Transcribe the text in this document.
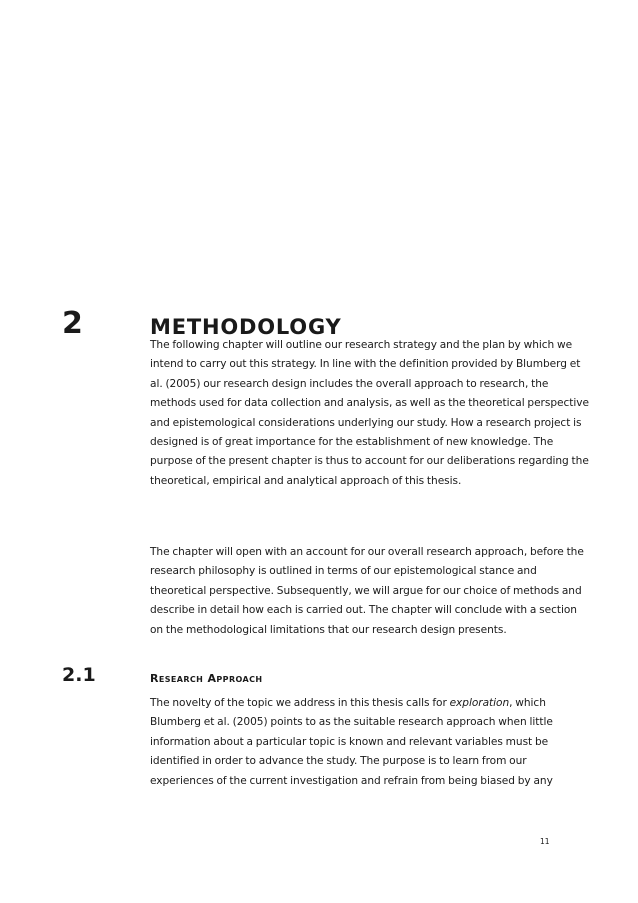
2	METHODOLOGY

The following chapter will outline our research strategy and the plan by which we intend to carry out this strategy. In line with the definition provided by Blumberg et al. (2005) our research design includes the overall approach to research, the methods used for data collection and analysis, as well as the theoretical perspective and epistemological considerations underlying our study. How a research project is designed is of great importance for the establishment of new knowledge. The purpose of the present chapter is thus to account for our deliberations regarding the theoretical, empirical and analytical approach of this thesis.

The chapter will open with an account for our overall research approach, before the research philosophy is outlined in terms of our epistemological stance and theoretical perspective. Subsequently, we will argue for our choice of methods and describe in detail how each is carried out. The chapter will conclude with a section on the methodological limitations that our research design presents.

2.1	Research Approach

The novelty of the topic we address in this thesis calls for exploration, which Blumberg et al. (2005) points to as the suitable research approach when little information about a particular topic is known and relevant variables must be identified in order to advance the study. The purpose is to learn from our experiences of the current investigation and refrain from being biased by any

11
